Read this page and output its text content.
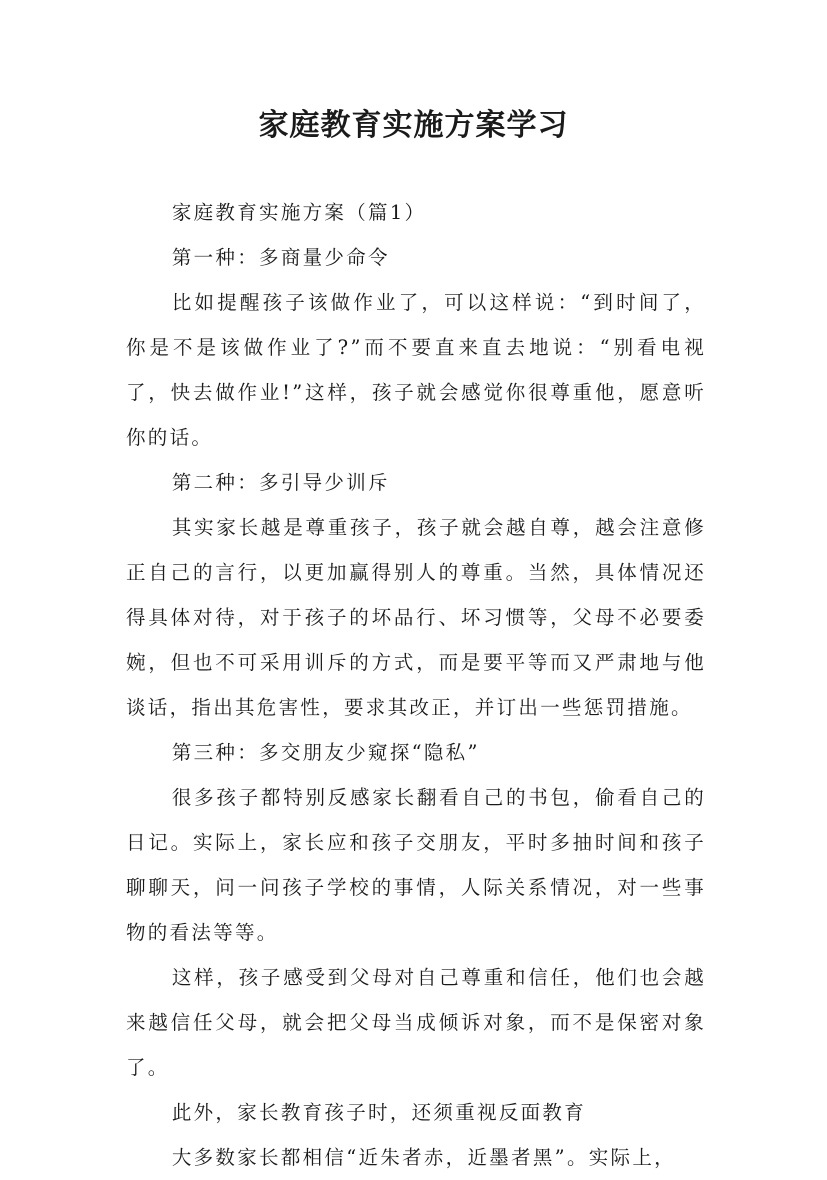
家庭教育实施方案学习

家庭教育实施方案（篇1）

第一种：多商量少命令

比如提醒孩子该做作业了，可以这样说：“到时间了，你是不是该做作业了?”而不要直来直去地说：“别看电视了，快去做作业!”这样，孩子就会感觉你很尊重他，愿意听你的话。

第二种：多引导少训斥

其实家长越是尊重孩子，孩子就会越自尊，越会注意修正自己的言行，以更加赢得别人的尊重。当然，具体情况还得具体对待，对于孩子的坏品行、坏习惯等，父母不必要委婉，但也不可采用训斥的方式，而是要平等而又严肃地与他谈话，指出其危害性，要求其改正，并订出一些惩罚措施。

第三种：多交朋友少窥探“隐私”

很多孩子都特别反感家长翻看自己的书包，偷看自己的日记。实际上，家长应和孩子交朋友，平时多抽时间和孩子聊聊天，问一问孩子学校的事情，人际关系情况，对一些事物的看法等等。

这样，孩子感受到父母对自己尊重和信任，他们也会越来越信任父母，就会把父母当成倾诉对象，而不是保密对象了。

此外，家长教育孩子时，还须重视反面教育

大多数家长都相信“近朱者赤，近墨者黑”。实际上，
